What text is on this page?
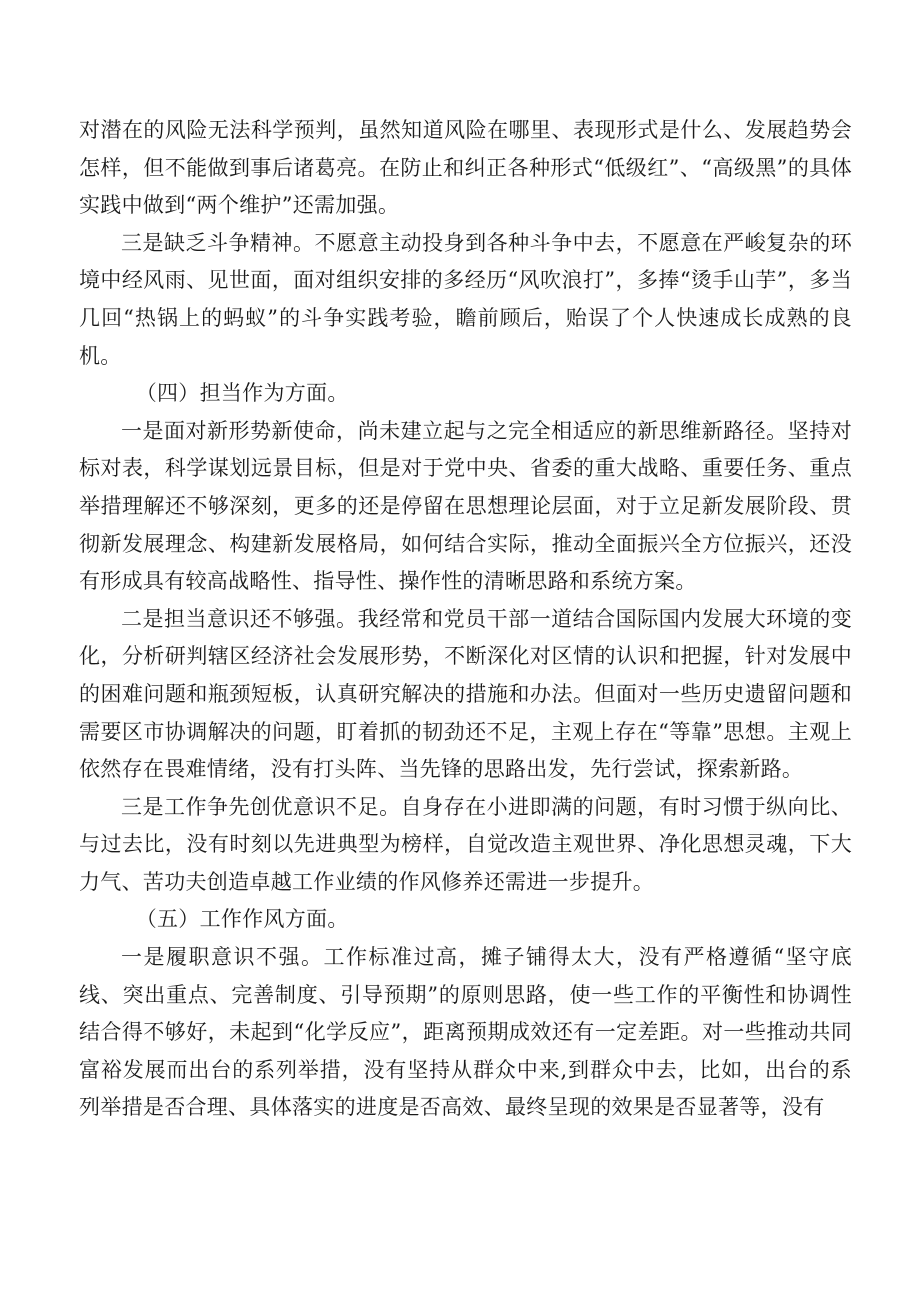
对潜在的风险无法科学预判，虽然知道风险在哪里、表现形式是什么、发展趋势会怎样，但不能做到事后诸葛亮。在防止和纠正各种形式“低级红”、“高级黑”的具体实践中做到“两个维护”还需加强。

三是缺乏斗争精神。不愿意主动投身到各种斗争中去，不愿意在严峻复杂的环境中经风雨、见世面，面对组织安排的多经历“风吹浪打”，多捧“烫手山芋”，多当几回“热锅上的蚂蚁”的斗争实践考验，瞻前顾后，贻误了个人快速成长成熟的良机。

（四）担当作为方面。

一是面对新形势新使命，尚未建立起与之完全相适应的新思维新路径。坚持对标对表，科学谋划远景目标，但是对于党中央、省委的重大战略、重要任务、重点举措理解还不够深刻，更多的还是停留在思想理论层面，对于立足新发展阶段、贯彻新发展理念、构建新发展格局，如何结合实际，推动全面振兴全方位振兴，还没有形成具有较高战略性、指导性、操作性的清晰思路和系统方案。

二是担当意识还不够强。我经常和党员干部一道结合国际国内发展大环境的变化，分析研判辖区经济社会发展形势，不断深化对区情的认识和把握，针对发展中的困难问题和瓶颈短板，认真研究解决的措施和办法。但面对一些历史遗留问题和需要区市协调解决的问题，盯着抓的韧劲还不足，主观上存在“等靠”思想。主观上依然存在畏难情绪，没有打头阵、当先锋的思路出发，先行尝试，探索新路。

三是工作争先创优意识不足。自身存在小进即满的问题，有时习惯于纵向比、与过去比，没有时刻以先进典型为榜样，自觉改造主观世界、净化思想灵魂，下大力气、苦功夫创造卓越工作业绩的作风修养还需进一步提升。

（五）工作作风方面。

一是履职意识不强。工作标准过高，摊子铺得太大，没有严格遵循“坚守底线、突出重点、完善制度、引导预期”的原则思路，使一些工作的平衡性和协调性结合得不够好，未起到“化学反应”，距离预期成效还有一定差距。对一些推动共同富裕发展而出台的系列举措，没有坚持从群众中来,到群众中去，比如，出台的系列举措是否合理、具体落实的进度是否高效、最终呈现的效果是否显著等，没有
